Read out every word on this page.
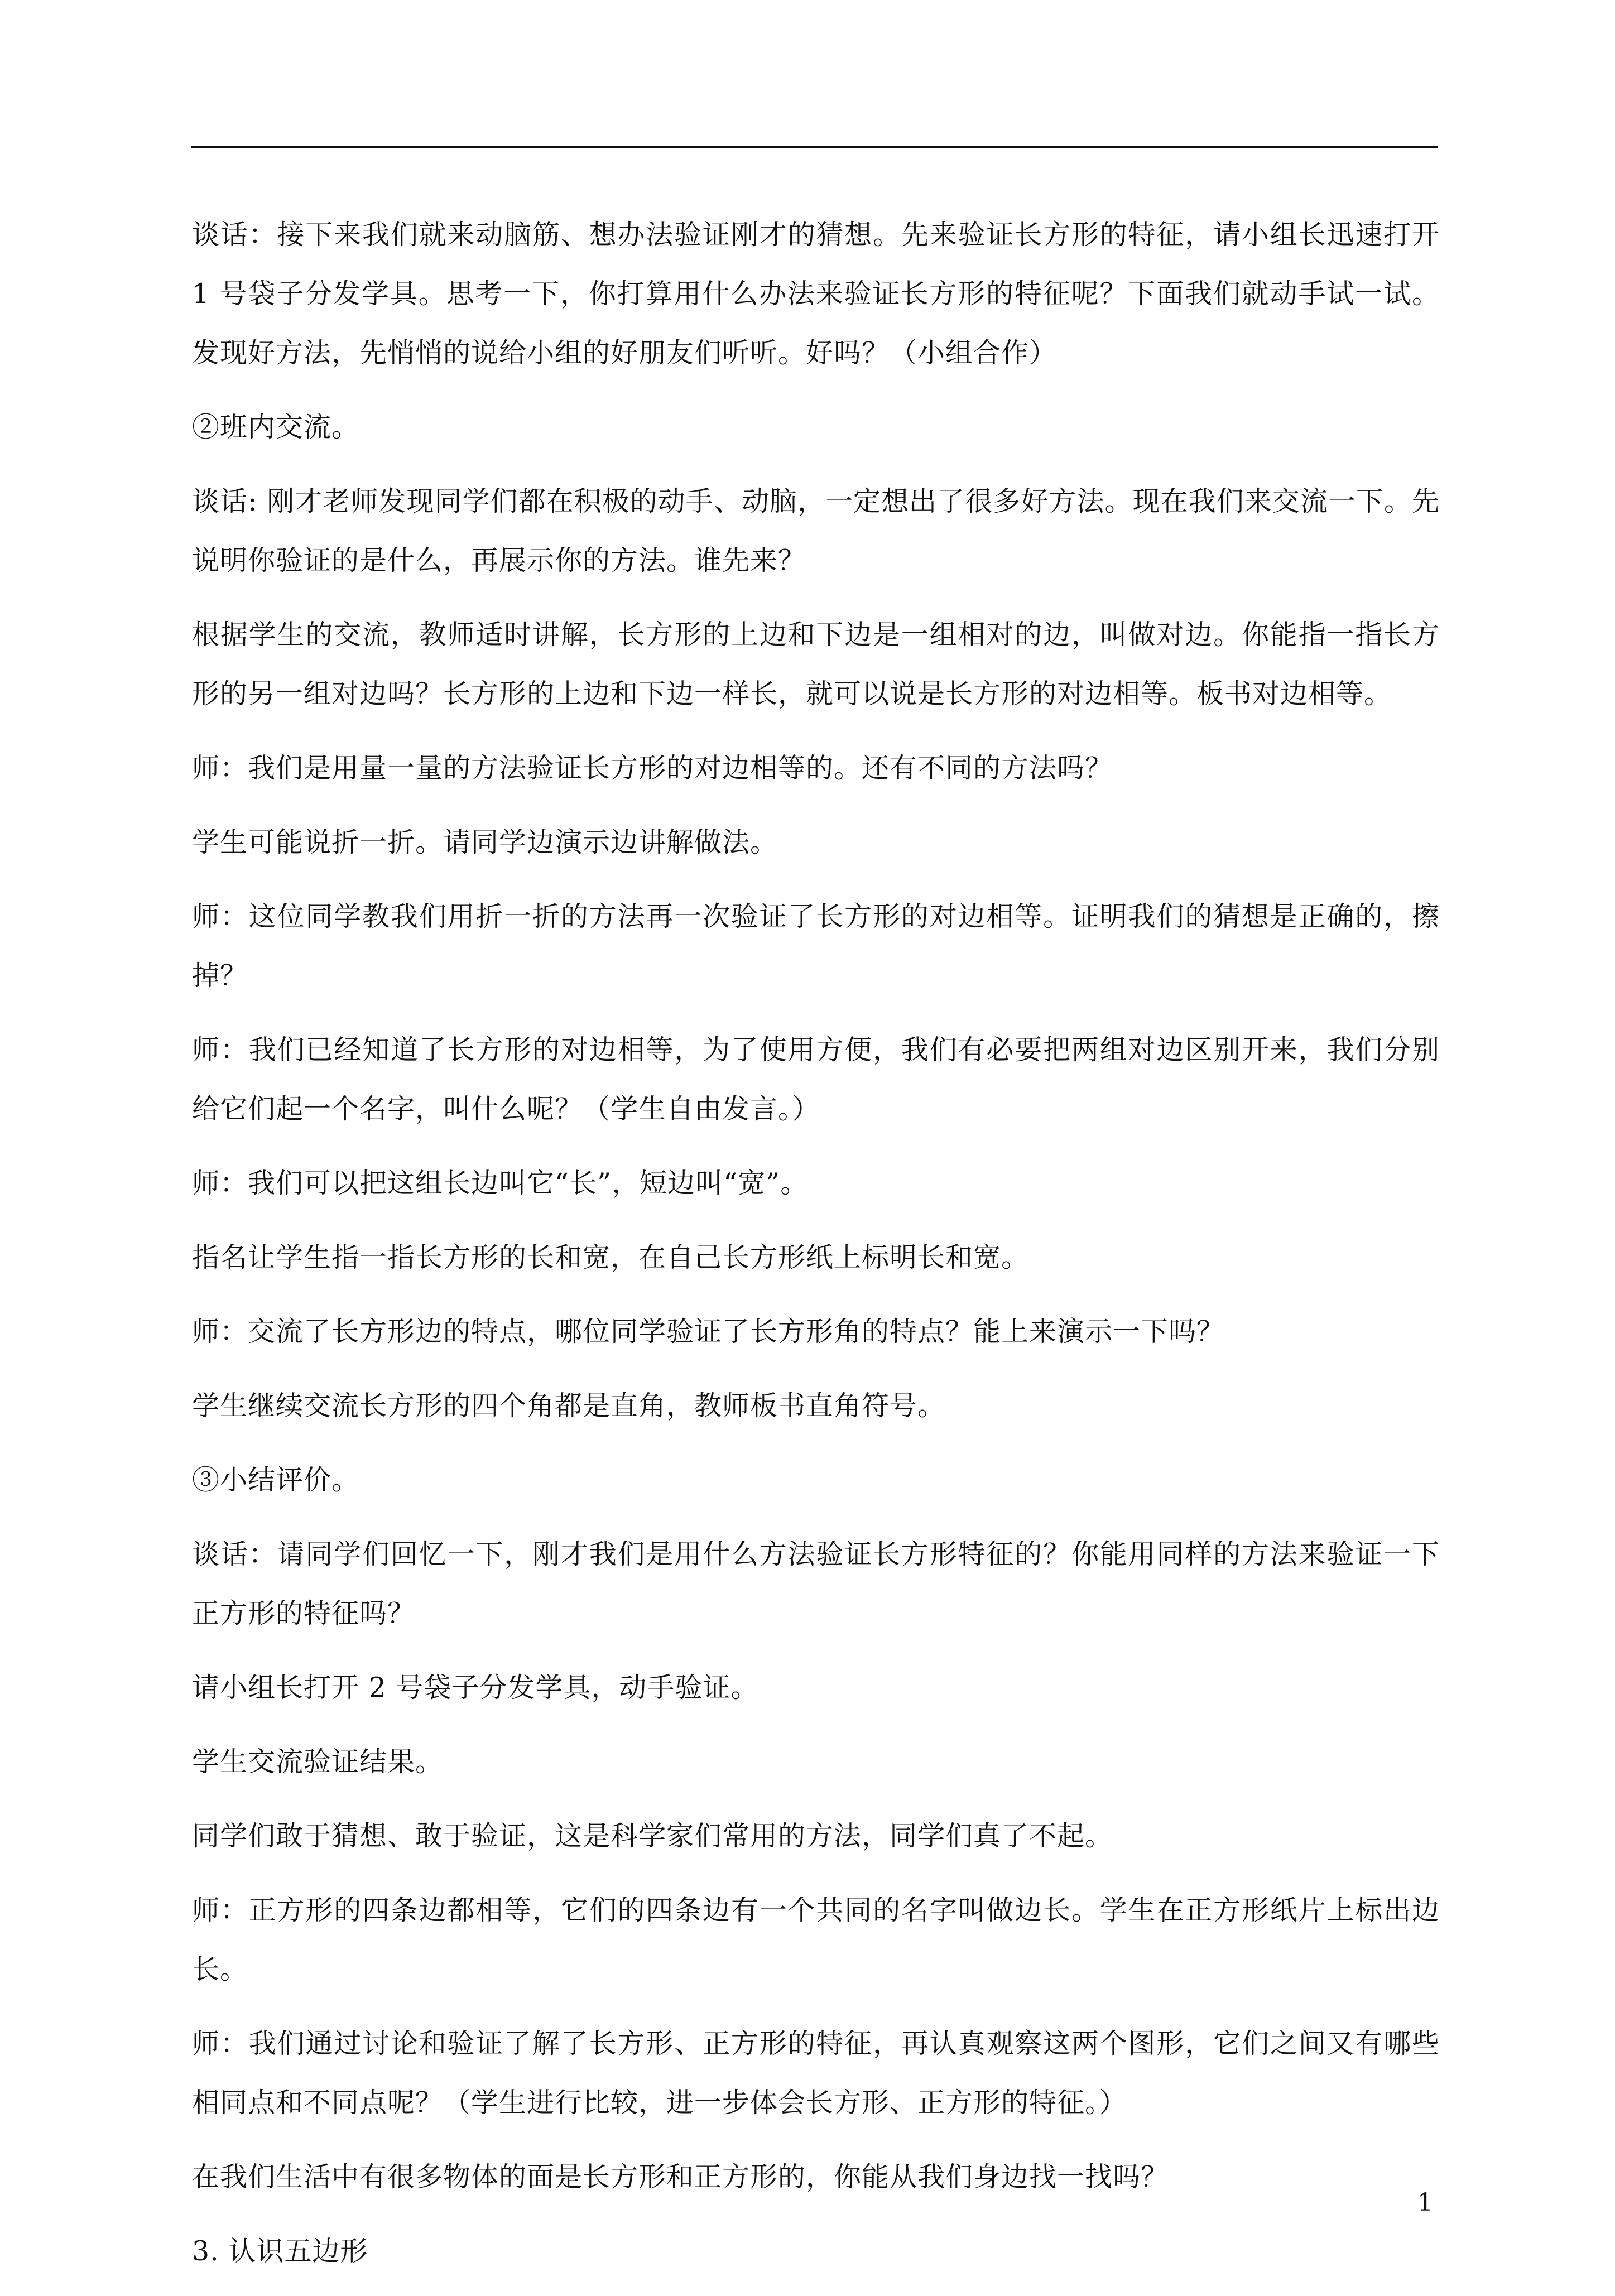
谈话：接下来我们就来动脑筋、想办法验证刚才的猜想。先来验证长方形的特征，请小组长迅速打开 1 号袋子分发学具。思考一下，你打算用什么办法来验证长方形的特征呢？下面我们就动手试一试。发现好方法，先悄悄的说给小组的好朋友们听听。好吗？（小组合作）

②班内交流。

谈话: 刚才老师发现同学们都在积极的动手、动脑，一定想出了很多好方法。现在我们来交流一下。先说明你验证的是什么，再展示你的方法。谁先来？

根据学生的交流，教师适时讲解，长方形的上边和下边是一组相对的边，叫做对边。你能指一指长方形的另一组对边吗？长方形的上边和下边一样长，就可以说是长方形的对边相等。板书对边相等。

师：我们是用量一量的方法验证长方形的对边相等的。还有不同的方法吗？

学生可能说折一折。请同学边演示边讲解做法。

师：这位同学教我们用折一折的方法再一次验证了长方形的对边相等。证明我们的猜想是正确的，擦掉？

师：我们已经知道了长方形的对边相等，为了使用方便，我们有必要把两组对边区别开来，我们分别给它们起一个名字，叫什么呢？（学生自由发言。）

师：我们可以把这组长边叫它“长”，短边叫“宽”。

指名让学生指一指长方形的长和宽，在自己长方形纸上标明长和宽。

师：交流了长方形边的特点，哪位同学验证了长方形角的特点？能上来演示一下吗？

学生继续交流长方形的四个角都是直角，教师板书直角符号。

③小结评价。

谈话：请同学们回忆一下，刚才我们是用什么方法验证长方形特征的？你能用同样的方法来验证一下正方形的特征吗？

请小组长打开 2 号袋子分发学具，动手验证。

学生交流验证结果。

同学们敢于猜想、敢于验证，这是科学家们常用的方法，同学们真了不起。

师：正方形的四条边都相等，它们的四条边有一个共同的名字叫做边长。学生在正方形纸片上标出边长。

师：我们通过讨论和验证了解了长方形、正方形的特征，再认真观察这两个图形，它们之间又有哪些相同点和不同点呢？（学生进行比较，进一步体会长方形、正方形的特征。）

在我们生活中有很多物体的面是长方形和正方形的，你能从我们身边找一找吗？

3. 认识五边形

1
